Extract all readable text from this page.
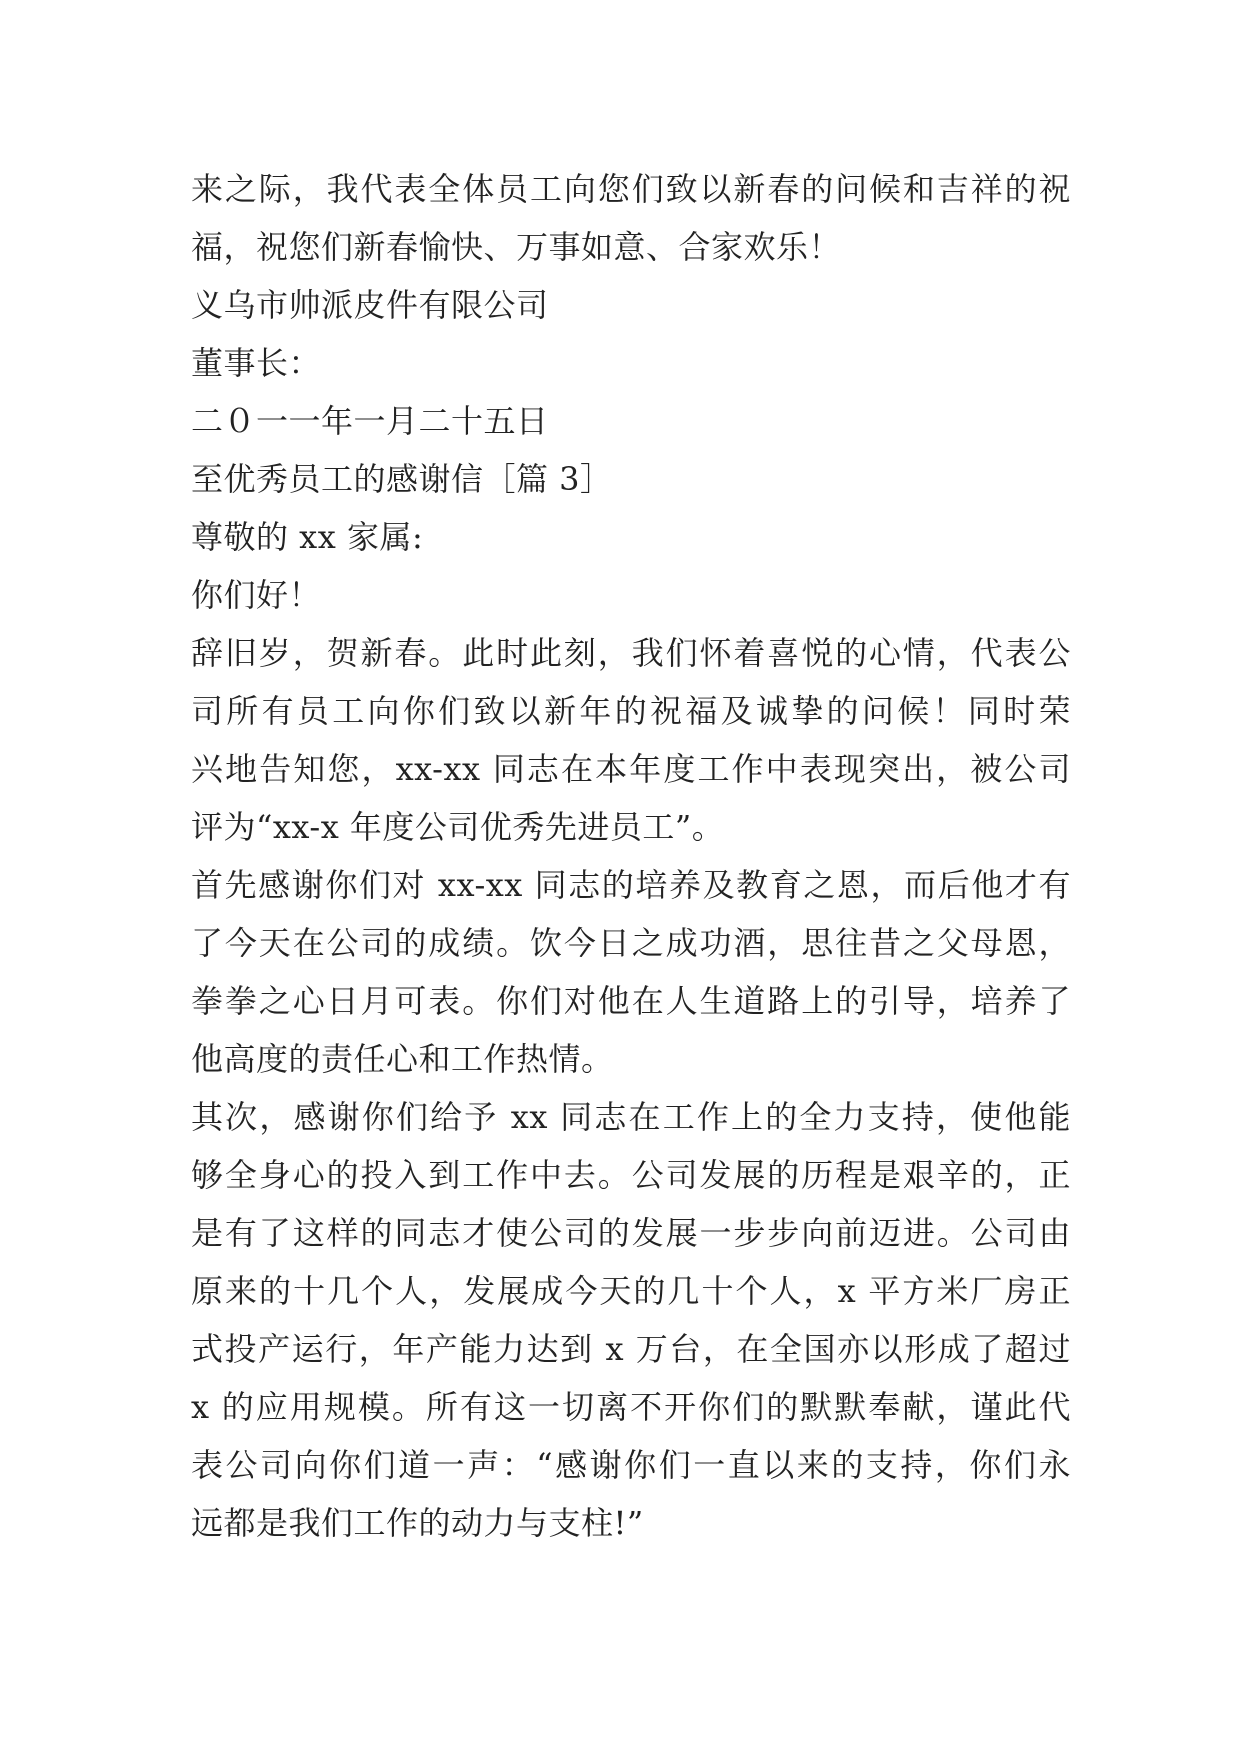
来之际，我代表全体员工向您们致以新春的问候和吉祥的祝
福，祝您们新春愉快、万事如意、合家欢乐！
义乌市帅派皮件有限公司
董事长：
二０一一年一月二十五日
至优秀员工的感谢信［篇 3］
尊敬的 xx 家属:
你们好！
辞旧岁，贺新春。此时此刻，我们怀着喜悦的心情，代表公
司所有员工向你们致以新年的祝福及诚挚的问候！同时荣
兴地告知您，xx-xx 同志在本年度工作中表现突出，被公司
评为“xx-x 年度公司优秀先进员工”。
首先感谢你们对 xx-xx 同志的培养及教育之恩，而后他才有
了今天在公司的成绩。饮今日之成功酒，思往昔之父母恩，
拳拳之心日月可表。你们对他在人生道路上的引导，培养了
他高度的责任心和工作热情。
其次，感谢你们给予 xx 同志在工作上的全力支持，使他能
够全身心的投入到工作中去。公司发展的历程是艰辛的，正
是有了这样的同志才使公司的发展一步步向前迈进。公司由
原来的十几个人，发展成今天的几十个人，x 平方米厂房正
式投产运行，年产能力达到 x 万台，在全国亦以形成了超过
x 的应用规模。所有这一切离不开你们的默默奉献，谨此代
表公司向你们道一声：“感谢你们一直以来的支持，你们永
远都是我们工作的动力与支柱!”
